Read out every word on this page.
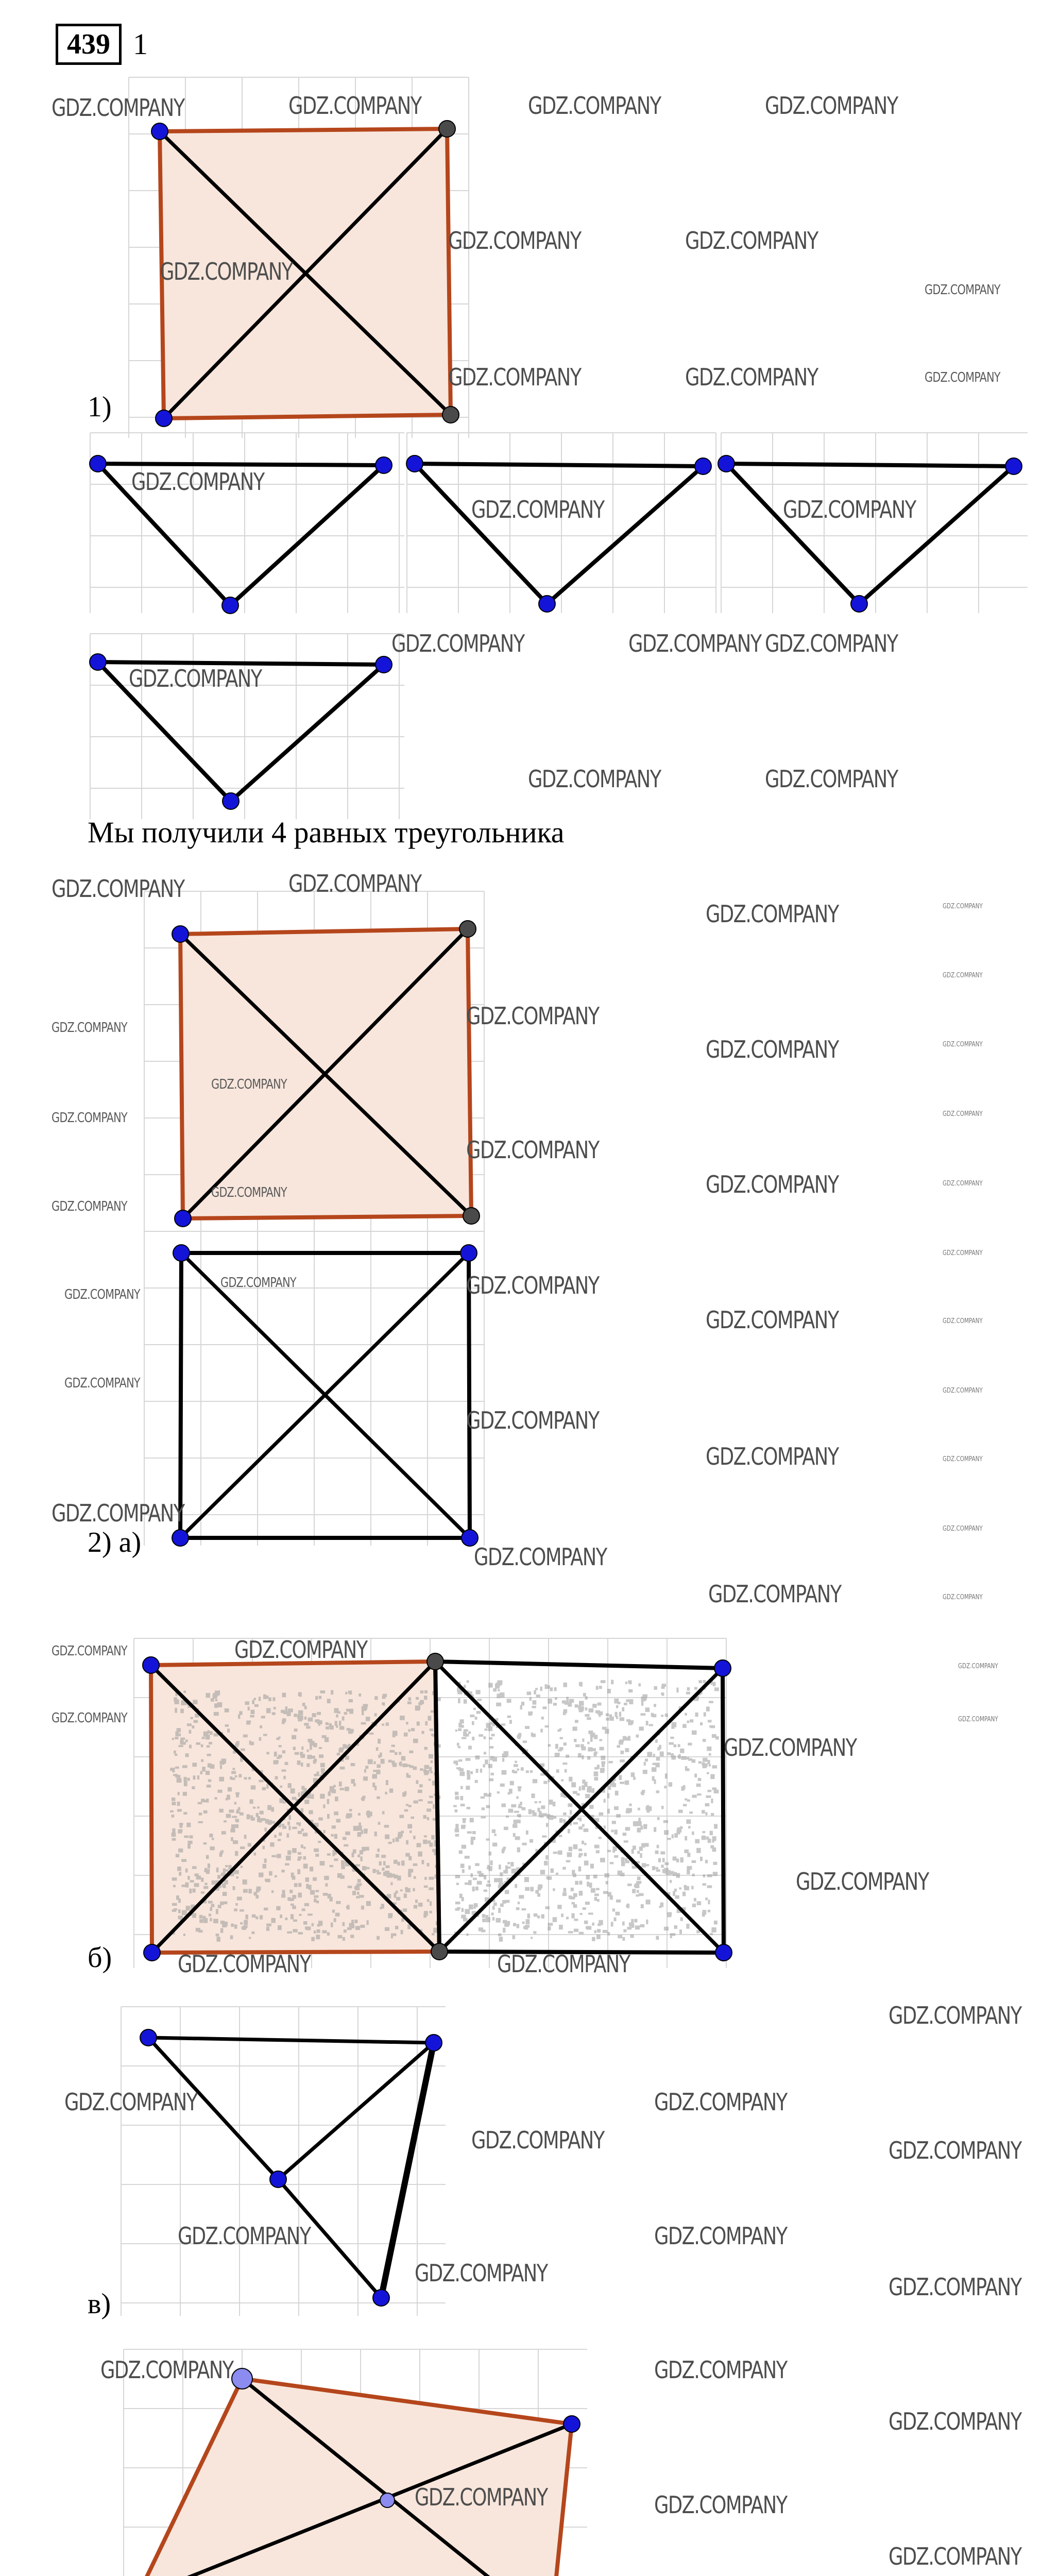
439 1
1)
Мы получили 4 равных треугольника
2) а)
б)
в)
GDZ.COMPANY	GDZ.COMPANY	GDZ.COMPANY	GDZ.COMPANY
GDZ.COMPANY
GDZ.COMPANY	GDZ.COMPANY
GDZ.COMPANY
GDZ.COMPANY	GDZ.COMPANY	GDZ.COMPANY
GDZ.COMPANY
GDZ.COMPANY	GDZ.COMPANY
GDZ.COMPANY
GDZ.COMPANY	GDZ.COMPANY GDZ.COMPANY
GDZ.COMPANY	GDZ.COMPANY
GDZ.COMPANY	GDZ.COMPANY
GDZ.COMPANY	GDZ.COMPANY
GDZ.COMPANY	GDZ.COMPANY
GDZ.COMPANY
GDZ.COMPANY
GDZ.COMPANY
GDZ.COMPANY
GDZ.COMPANY
GDZ.COMPANY
GDZ.COMPANY
GDZ.COMPANY
GDZ.COMPANY
GDZ.COMPANY
GDZ.COMPANY
GDZ.COMPANY
GDZ.COMPANY
GDZ.COMPANY	GDZ.COMPANY
GDZ.COMPANY
GDZ.COMPANY
GDZ.COMPANY
GDZ.COMPANY
GDZ.COMPANY
GDZ.COMPANY
GDZ.COMPANY
GDZ.COMPANY
GDZ.COMPANY
GDZ.COMPANY
GDZ.COMPANY
GDZ.COMPANY
GDZ.COMPANY	GDZ.COMPANY
GDZ.COMPANY
GDZ.COMPANY
GDZ.COMPANY
GDZ.COMPANY
GDZ.COMPANY
GDZ.COMPANY	GDZ.COMPANY
GDZ.COMPANY
GDZ.COMPANY	GDZ.COMPANY
GDZ.COMPANY
GDZ.COMPANY
GDZ.COMPANY	GDZ.COMPANY
GDZ.COMPANY
GDZ.COMPANY
GDZ.COMPANY	GDZ.COMPANY
GDZ.COMPANY
GDZ.COMPANY	GDZ.COMPANY
GDZ.COMPANY
